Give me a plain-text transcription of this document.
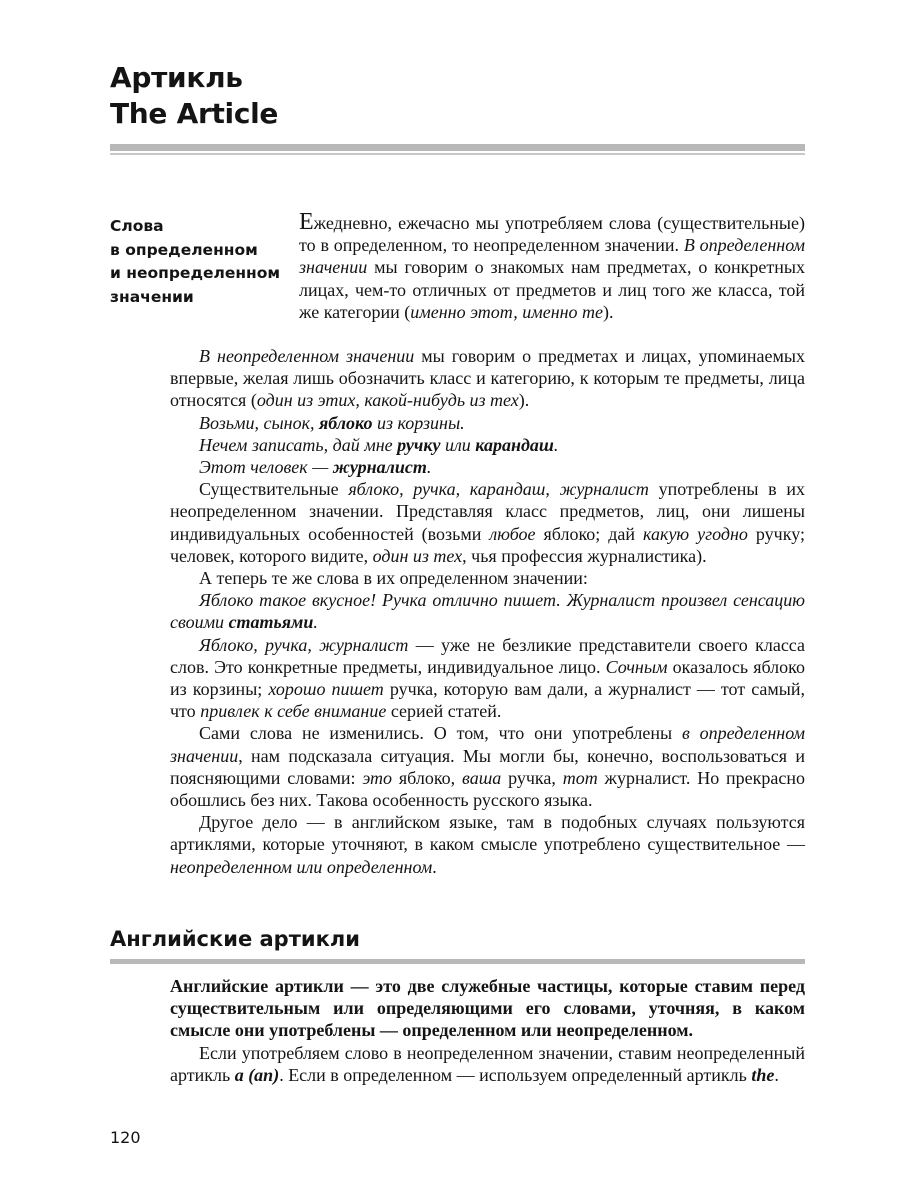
Артикль
The Article
Слова
в определенном
и неопределенном
значении

Ежедневно, ежечасно мы употребляем слова (существительные) то в определенном, то неопределенном значении. В определенном значении мы говорим о знакомых нам предметах, о конкретных лицах, чем-то отличных от предметов и лиц того же класса, той же категории (именно этот, именно те).

В неопределенном значении мы говорим о предметах и лицах, упоминаемых впервые, желая лишь обозначить класс и категорию, к которым те предметы, лица относятся (один из этих, какой-нибудь из тех).

Возьми, сынок, яблоко из корзины.

Нечем записать, дай мне ручку или карандаш.

Этот человек — журналист.

Существительные яблоко, ручка, карандаш, журналист употреблены в их неопределенном значении. Представляя класс предметов, лиц, они лишены индивидуальных особенностей (возьми любое яблоко; дай какую угодно ручку; человек, которого видите, один из тех, чья профессия журналистика).

А теперь те же слова в их определенном значении:

Яблоко такое вкусное! Ручка отлично пишет. Журналист произвел сенсацию своими статьями.

Яблоко, ручка, журналист — уже не безликие представители своего класса слов. Это конкретные предметы, индивидуальное лицо. Сочным оказалось яблоко из корзины; хорошо пишет ручка, которую вам дали, а журналист — тот самый, что привлек к себе внимание серией статей.

Сами слова не изменились. О том, что они употреблены в определенном значении, нам подсказала ситуация. Мы могли бы, конечно, воспользоваться и поясняющими словами: это яблоко, ваша ручка, тот журналист. Но прекрасно обошлись без них. Такова особенность русского языка.

Другое дело — в английском языке, там в подобных случаях пользуются артиклями, которые уточняют, в каком смысле употреблено существительное — неопределенном или определенном.

Английские артикли

Английские артикли — это две служебные частицы, которые ставим перед существительным или определяющими его словами, уточняя, в каком смысле они употреблены — определенном или неопределенном.

Если употребляем слово в неопределенном значении, ставим неопределенный артикль a (an). Если в определенном — используем определенный артикль the.

120
